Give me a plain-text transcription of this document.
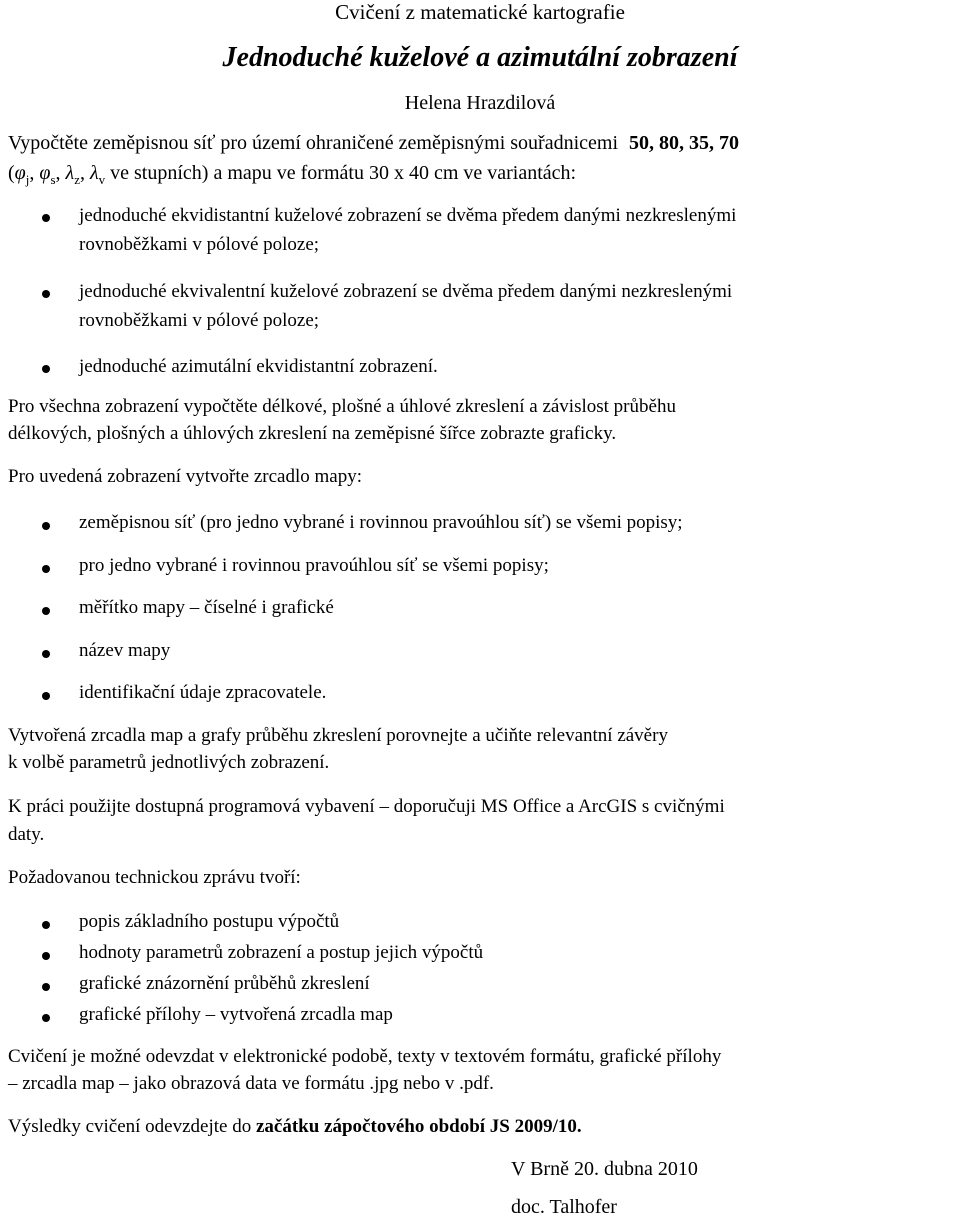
Cvičení z matematické kartografie
Jednoduché kuželové a azimutální zobrazení
Helena Hrazdilová
Vypočtěte zeměpisnou síť pro území ohraničené zeměpisnými souřadnicemi 50, 80, 35, 70
($\varphi_j$, $\varphi_s$, $\lambda_z$, $\lambda_v$ ve stupních) a mapu ve formátu 30 x 40 cm ve variantách:
jednoduché ekvidistantní kuželové zobrazení se dvěma předem danými nezkreslenými
rovnoběžkami v pólové poloze;
jednoduché ekvivalentní kuželové zobrazení se dvěma předem danými nezkreslenými
rovnoběžkami v pólové poloze;
jednoduché azimutální ekvidistantní zobrazení.
Pro všechna zobrazení vypočtěte délkové, plošné a úhlové zkreslení a závislost průběhu
délkových, plošných a úhlových zkreslení na zeměpisné šířce zobrazte graficky.
Pro uvedená zobrazení vytvořte zrcadlo mapy:
zeměpisnou síť (pro jedno vybrané i rovinnou pravoúhlou síť) se všemi popisy;
pro jedno vybrané i rovinnou pravoúhlou síť se všemi popisy;
měřítko mapy – číselné i grafické
název mapy
identifikační údaje zpracovatele.
Vytvořená zrcadla map a grafy průběhu zkreslení porovnejte a učiňte relevantní závěry
k volbě parametrů jednotlivých zobrazení.
K práci použijte dostupná programová vybavení – doporučuji MS Office a ArcGIS s cvičnými
daty.
Požadovanou technickou zprávu tvoří:
popis základního postupu výpočtů
hodnoty parametrů zobrazení a postup jejich výpočtů
grafické znázornění průběhů zkreslení
grafické přílohy – vytvořená zrcadla map
Cvičení je možné odevzdat v elektronické podobě, texty v textovém formátu, grafické přílohy
– zrcadla map – jako obrazová data ve formátu .jpg nebo v .pdf.
Výsledky cvičení odevzdejte do začátku zápočtového období JS 2009/10.
V Brně 20. dubna 2010
doc. Talhofer
